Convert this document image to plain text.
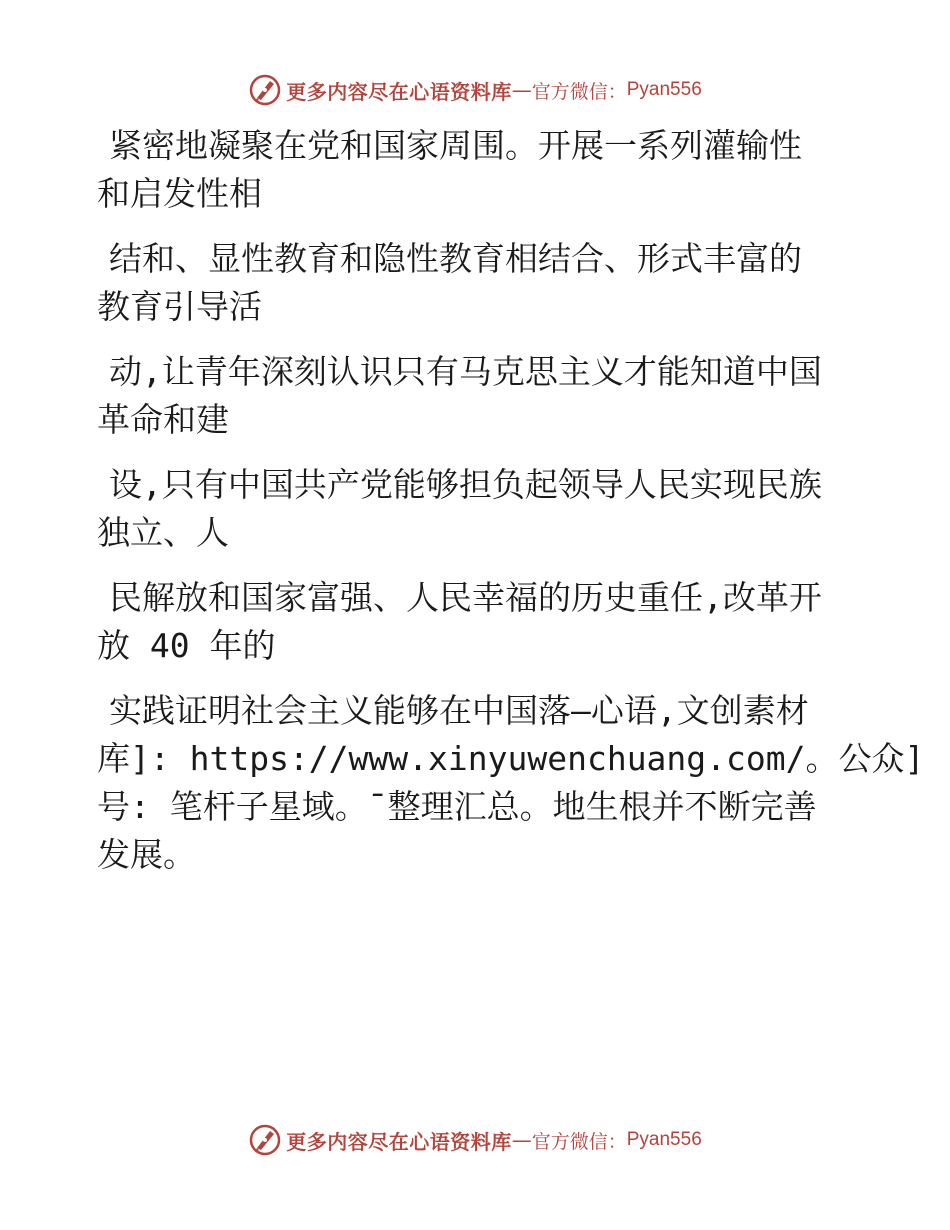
更多内容尽在心语资料库 — 官方微信： Pyan556
紧密地凝聚在党和国家周围。开展一系列灌输性
和启发性相
结和、显性教育和隐性教育相结合、形式丰富的
教育引导活
动,让青年深刻认识只有马克思主义才能知道中国
革命和建
设,只有中国共产党能够担负起领导人民实现民族
独立、人
民解放和国家富强、人民幸福的历史重任,改革开
放 40 年的
实践证明社会主义能够在中国落—心语,文创素材
库]: https://www.xinyuwenchuang.com/。公众]
号: 笔杆子星域。¯整理汇总。地生根并不断完善
发展。
更多内容尽在心语资料库 — 官方微信： Pyan556
